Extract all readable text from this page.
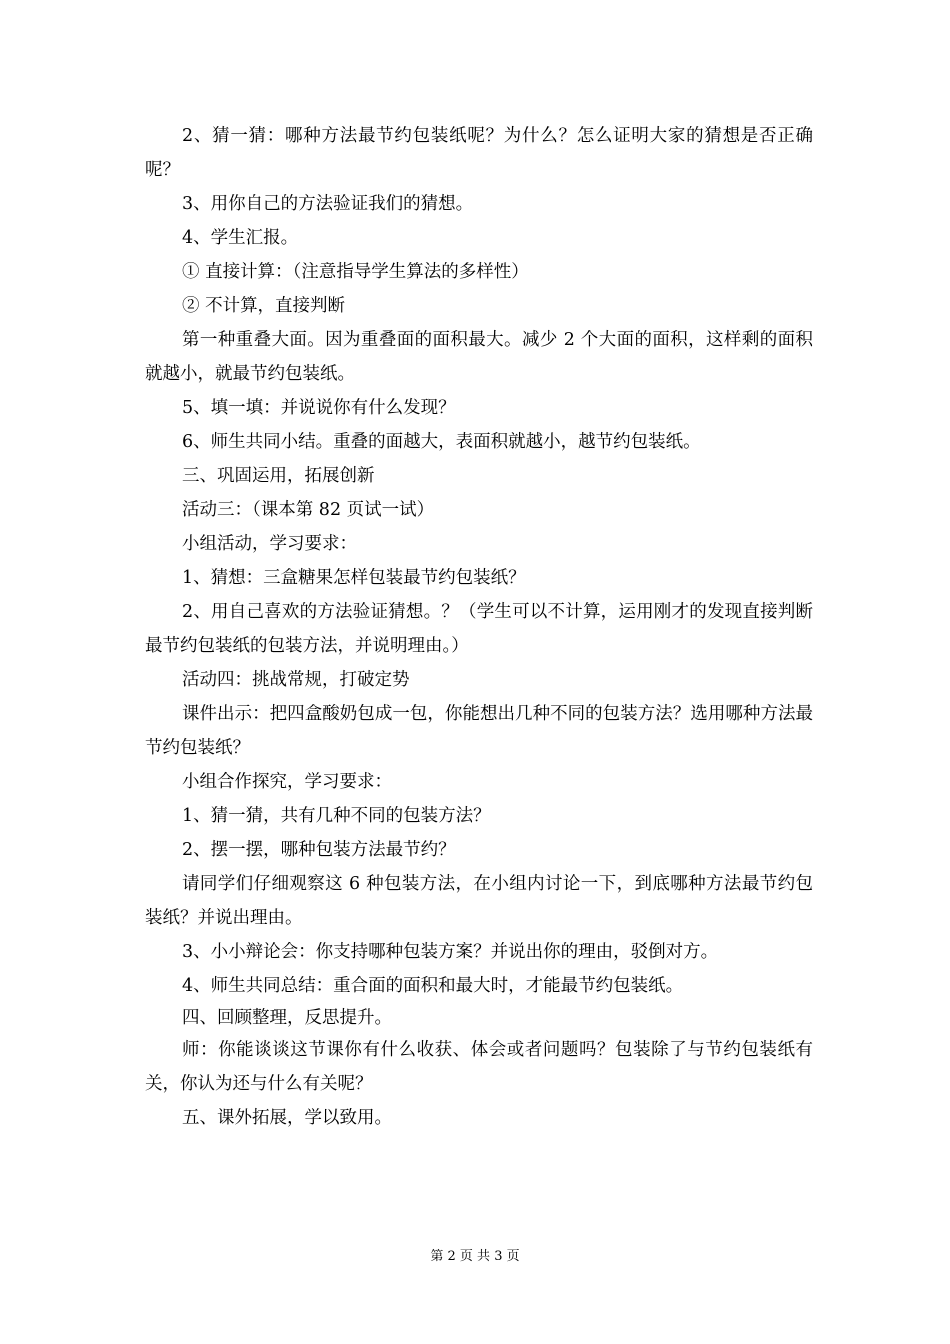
2、猜一猜：哪种方法最节约包装纸呢？为什么？怎么证明大家的猜想是否正确呢？

3、用你自己的方法验证我们的猜想。

4、学生汇报。

① 直接计算：（注意指导学生算法的多样性）

② 不计算，直接判断

第一种重叠大面。因为重叠面的面积最大。减少 2 个大面的面积，这样剩的面积就越小，就最节约包装纸。

5、填一填：并说说你有什么发现？

6、师生共同小结。重叠的面越大，表面积就越小，越节约包装纸。

三、巩固运用，拓展创新

活动三：（课本第 82 页试一试）

小组活动，学习要求：

1、猜想：三盒糖果怎样包装最节约包装纸？

2、用自己喜欢的方法验证猜想。？（学生可以不计算，运用刚才的发现直接判断最节约包装纸的包装方法，并说明理由。）

活动四：挑战常规，打破定势

课件出示：把四盒酸奶包成一包，你能想出几种不同的包装方法？选用哪种方法最节约包装纸？

小组合作探究，学习要求：

1、猜一猜，共有几种不同的包装方法？

2、摆一摆，哪种包装方法最节约？

请同学们仔细观察这 6 种包装方法，在小组内讨论一下，到底哪种方法最节约包装纸？并说出理由。

3、小小辩论会：你支持哪种包装方案？并说出你的理由，驳倒对方。

4、师生共同总结：重合面的面积和最大时，才能最节约包装纸。

四、回顾整理，反思提升。

师：你能谈谈这节课你有什么收获、体会或者问题吗？包装除了与节约包装纸有关，你认为还与什么有关呢？

五、课外拓展，学以致用。

第 2 页 共 3 页
